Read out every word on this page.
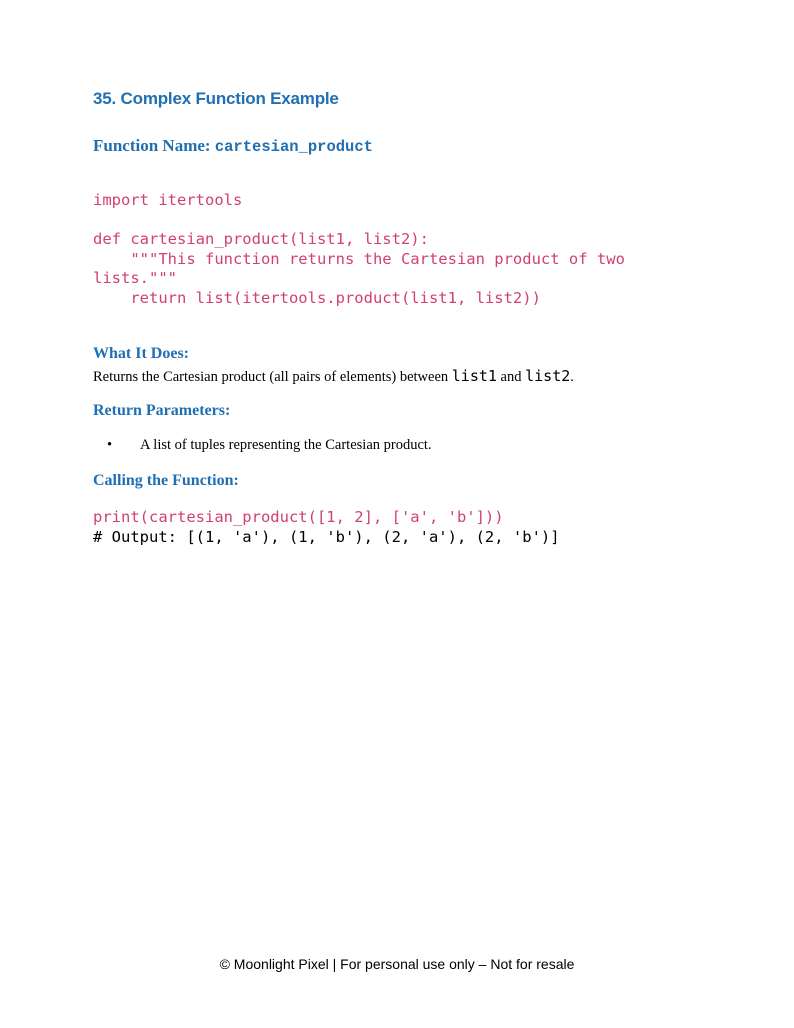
35. Complex Function Example

Function Name: cartesian_product

import itertools
def cartesian_product(list1, list2):
"""This function returns the Cartesian product of two
lists."""
return list(itertools.product(list1, list2))
What It Does:

Returns the Cartesian product (all pairs of elements) between list1 and list2.

Return Parameters:
• A list of tuples representing the Cartesian product.
Calling the Function:
print(cartesian_product([1, 2], ['a', 'b']))
# Output: [(1, 'a'), (1, 'b'), (2, 'a'), (2, 'b')]
© Moonlight Pixel | For personal use only – Not for resale
